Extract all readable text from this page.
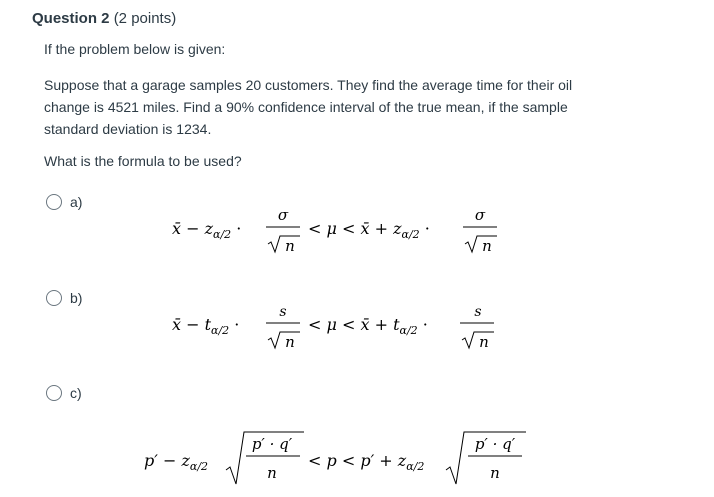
Question 2 (2 points)
If the problem below is given:
Suppose that a garage samples 20 customers. They find the average time for their oil change is 4521 miles. Find a 90% confidence interval of the true mean, if the sample standard deviation is 1234.
What is the formula to be used?
a)
x̄ − $z_{\alpha/2}$ ·
σ
n
< μ < x̄ + $z_{\alpha/2}$ ·
σ
n
b)
x̄ − $t_{\alpha/2}$ ·
s
n
< μ < x̄ + $t_{\alpha/2}$ ·
s
n
c)
$p' - z_{\alpha/2}$
p′ · q′
n
< $p < p' + z_{\alpha/2}$
p′ · q′
n
